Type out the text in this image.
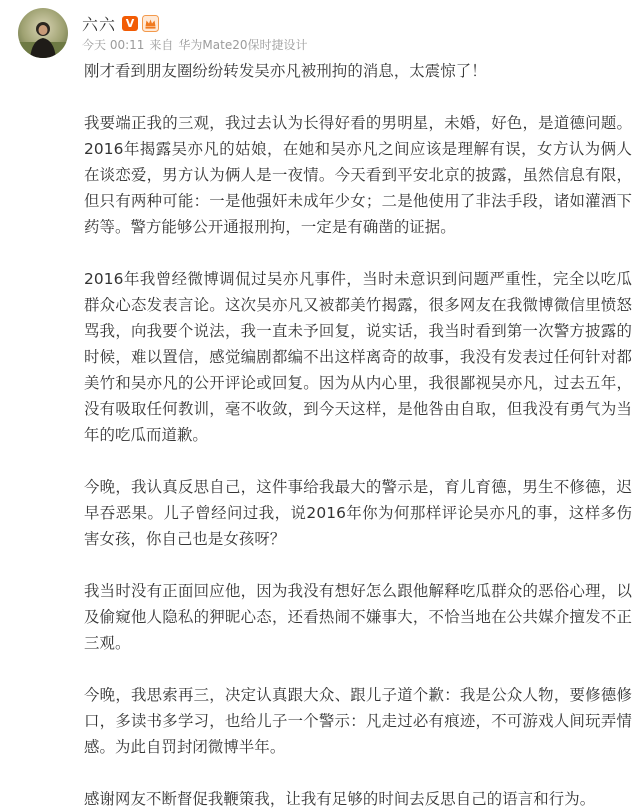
六六 V
今天 00:11 来自 华为Mate20保时捷设计

刚才看到朋友圈纷纷转发吴亦凡被刑拘的消息，太震惊了！

我要端正我的三观，我过去认为长得好看的男明星，未婚，好色，是道德问题。2016年揭露吴亦凡的姑娘，在她和吴亦凡之间应该是理解有误，女方认为俩人在谈恋爱，男方认为俩人是一夜情。今天看到平安北京的披露，虽然信息有限，但只有两种可能：一是他强奸未成年少女；二是他使用了非法手段，诸如灌酒下药等。警方能够公开通报刑拘，一定是有确凿的证据。

2016年我曾经微博调侃过吴亦凡事件，当时未意识到问题严重性，完全以吃瓜群众心态发表言论。这次吴亦凡又被都美竹揭露，很多网友在我微博微信里愤怒骂我，向我要个说法，我一直未予回复，说实话，我当时看到第一次警方披露的时候，难以置信，感觉编剧都编不出这样离奇的故事，我没有发表过任何针对都美竹和吴亦凡的公开评论或回复。因为从内心里，我很鄙视吴亦凡，过去五年，没有吸取任何教训，毫不收敛，到今天这样，是他咎由自取，但我没有勇气为当年的吃瓜而道歉。

今晚，我认真反思自己，这件事给我最大的警示是，育儿育德，男生不修德，迟早吞恶果。儿子曾经问过我，说2016年你为何那样评论吴亦凡的事，这样多伤害女孩，你自己也是女孩呀？

我当时没有正面回应他，因为我没有想好怎么跟他解释吃瓜群众的恶俗心理，以及偷窥他人隐私的狎昵心态，还看热闹不嫌事大，不恰当地在公共媒介擅发不正三观。

今晚，我思索再三，决定认真跟大众、跟儿子道个歉：我是公众人物，要修德修口，多读书多学习，也给儿子一个警示：凡走过必有痕迹，不可游戏人间玩弄情感。为此自罚封闭微博半年。

感谢网友不断督促我鞭策我，让我有足够的时间去反思自己的语言和行为。
